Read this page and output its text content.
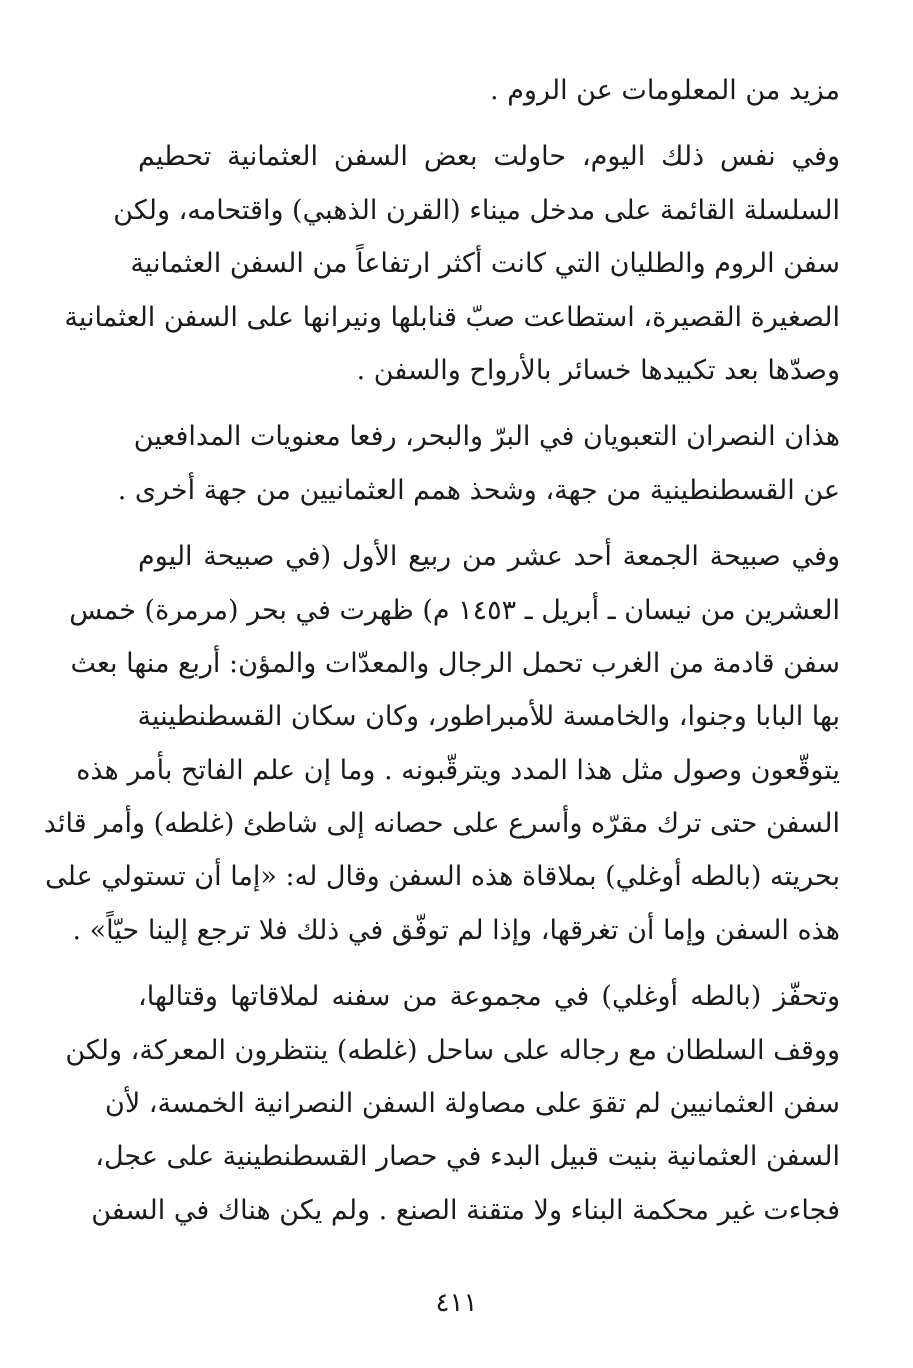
مزيد من المعلومات عن الروم .
وفي نفس ذلك اليوم، حاولت بعض السفن العثمانية تحطيم
السلسلة القائمة على مدخل ميناء (القرن الذهبي) واقتحامه، ولكن
سفن الروم والطليان التي كانت أكثر ارتفاعاً من السفن العثمانية
الصغيرة القصيرة، استطاعت صبّ قنابلها ونيرانها على السفن العثمانية
وصدّها بعد تكبيدها خسائر بالأرواح والسفن .
هذان النصران التعبويان في البرّ والبحر، رفعا معنويات المدافعين
عن القسطنطينية من جهة، وشحذ همم العثمانيين من جهة أخرى .
وفي صبيحة الجمعة أحد عشر من ربيع الأول (في صبيحة اليوم
العشرين من نيسان ـ أبريل ـ ١٤٥٣ م) ظهرت في بحر (مرمرة) خمس
سفن قادمة من الغرب تحمل الرجال والمعدّات والمؤن: أربع منها بعث
بها البابا وجنوا، والخامسة للأمبراطور، وكان سكان القسطنطينية
يتوقّعون وصول مثل هذا المدد ويترقّبونه . وما إن علم الفاتح بأمر هذه
السفن حتى ترك مقرّه وأسرع على حصانه إلى شاطئ (غلطه) وأمر قائد
بحريته (بالطه أوغلي) بملاقاة هذه السفن وقال له: «إما أن تستولي على
هذه السفن وإما أن تغرقها، وإذا لم توفّق في ذلك فلا ترجع إلينا حيّاً» .
وتحفّز (بالطه أوغلي) في مجموعة من سفنه لملاقاتها وقتالها،
ووقف السلطان مع رجاله على ساحل (غلطه) ينتظرون المعركة، ولكن
سفن العثمانيين لم تقوَ على مصاولة السفن النصرانية الخمسة، لأن
السفن العثمانية بنيت قبيل البدء في حصار القسطنطينية على عجل،
فجاءت غير محكمة البناء ولا متقنة الصنع . ولم يكن هناك في السفن
٤١١
